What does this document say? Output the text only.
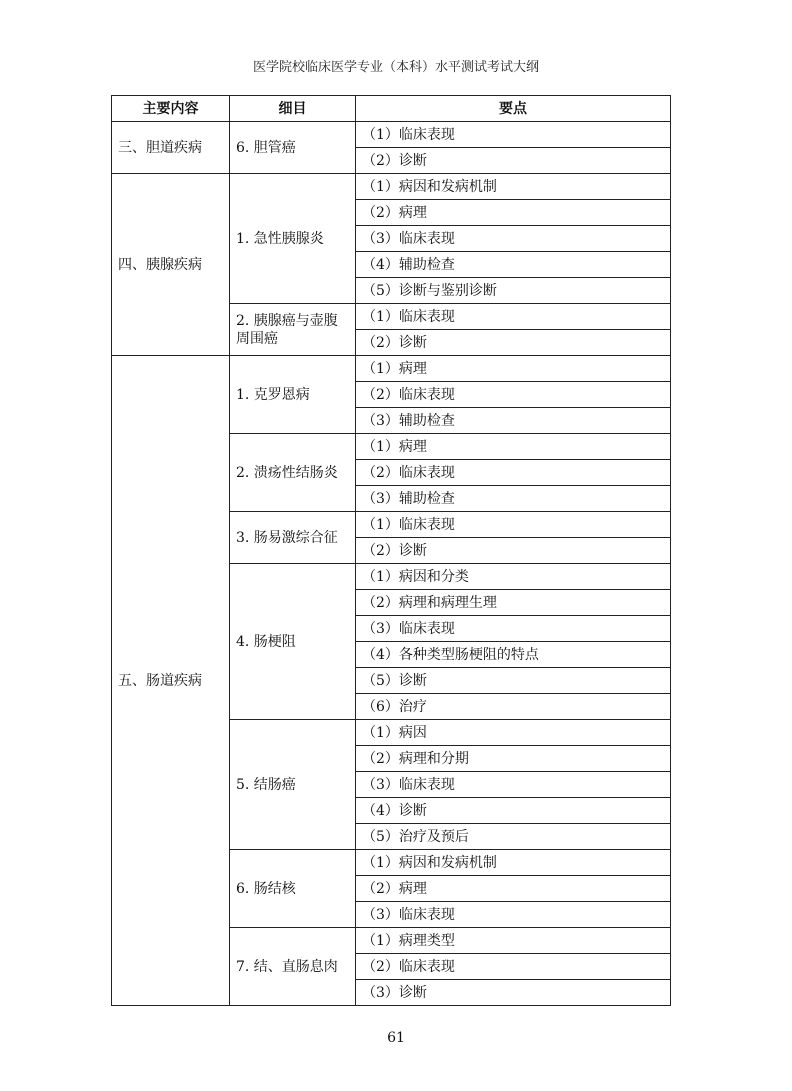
医学院校临床医学专业（本科）水平测试考试大纲
主要内容	细目	要点
三、胆道疾病	6. 胆管癌	（1）临床表现
		（2）诊断
四、胰腺疾病	1. 急性胰腺炎	（1）病因和发病机制
		（2）病理
		（3）临床表现
		（4）辅助检查
		（5）诊断与鉴别诊断
	2. 胰腺癌与壶腹周围癌	（1）临床表现
		（2）诊断
五、肠道疾病	1. 克罗恩病	（1）病理
		（2）临床表现
		（3）辅助检查
	2. 溃疡性结肠炎	（1）病理
		（2）临床表现
		（3）辅助检查
	3. 肠易激综合征	（1）临床表现
		（2）诊断
	4. 肠梗阻	（1）病因和分类
		（2）病理和病理生理
		（3）临床表现
		（4）各种类型肠梗阻的特点
		（5）诊断
		（6）治疗
	5. 结肠癌	（1）病因
		（2）病理和分期
		（3）临床表现
		（4）诊断
		（5）治疗及预后
	6. 肠结核	（1）病因和发病机制
		（2）病理
		（3）临床表现
	7. 结、直肠息肉	（1）病理类型
		（2）临床表现
		（3）诊断
61
